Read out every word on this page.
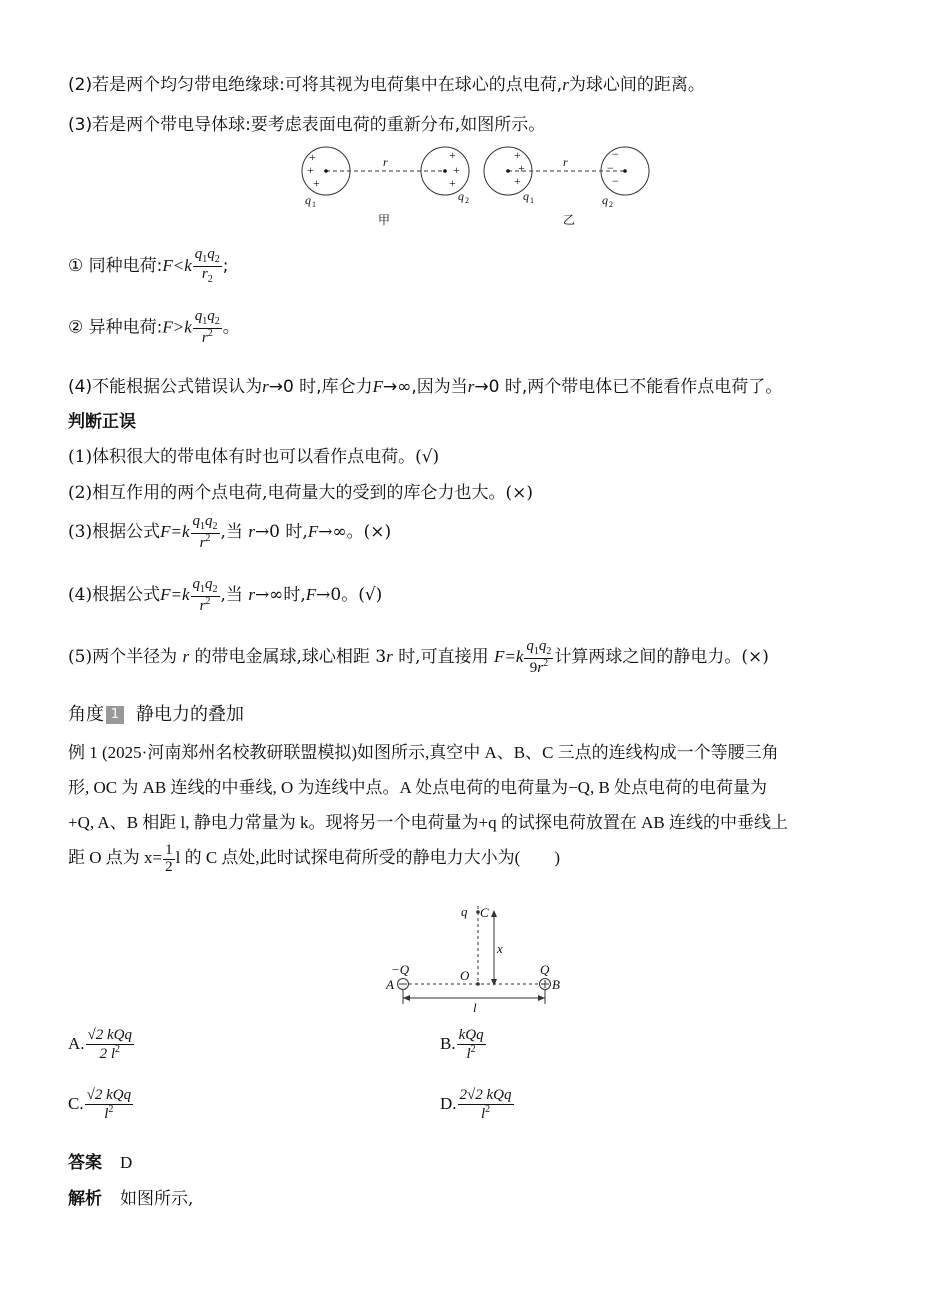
(2)若是两个均匀带电绝缘球:可将其视为电荷集中在球心的点电荷,r为球心间的距离。
(3)若是两个带电导体球:要考虑表面电荷的重新分布,如图所示。
+
+
+
+
+
+
+
+
+
−
−
−
r	r
q 1
q 2	q 1	q 2
甲	乙
① 同种电荷:F<k $\frac{q_1q_2}{r_2}$ ;
② 异种电荷:F>k $\frac{q_1q_2}{r^2}$ 。
(4)不能根据公式错误认为r→0 时,库仑力F→∞,因为当r→0 时,两个带电体已不能看作点电荷了。
判断正误
(1)体积很大的带电体有时也可以看作点电荷。(√)
(2)相互作用的两个点电荷,电荷量大的受到的库仑力也大。(×)
(3)根据公式$F=k \frac{q_1q_2}{r^2}$ ,当 r→0 时,F→∞。(×)
(4)根据公式$F=k \frac{q_1q_2}{r^2}$ ,当 r→∞时,F→0。(√)
(5)两个半径为 r 的带电金属球,球心相距 3r 时,可直接用 $F=k \frac{q_1q_2}{9r^2}$ 计算两球之间的静电力。(×)
角度 1 静电力的叠加
例 1 (2025·河南郑州名校教研联盟模拟)如图所示,真空中 A、B、C 三点的连线构成一个等腰三角
形, OC 为 AB 连线的中垂线, O 为连线中点。A 处点电荷的电荷量为−Q, B 处点电荷的电荷量为
+Q, A、B 相距 l, 静电力常量为 k。现将另一个电荷量为+q 的试探电荷放置在 AB 连线的中垂线上
距 O 点为 $x= \frac{1}{2}$ l 的 C 点处,此时试探电荷所受的静电力大小为(　　)
q C
x
−Q	Q
O
A	B
l
A. $\frac{\text{√2 kQq}}{2 l^2}$	B. $\frac{\text{kQq}}{l^2}$
C. $\frac{\text{√2 kQq}}{l^2}$	D. $\frac{\text{2√2 kQq}}{l^2}$
答案 D
解析 如图所示,
